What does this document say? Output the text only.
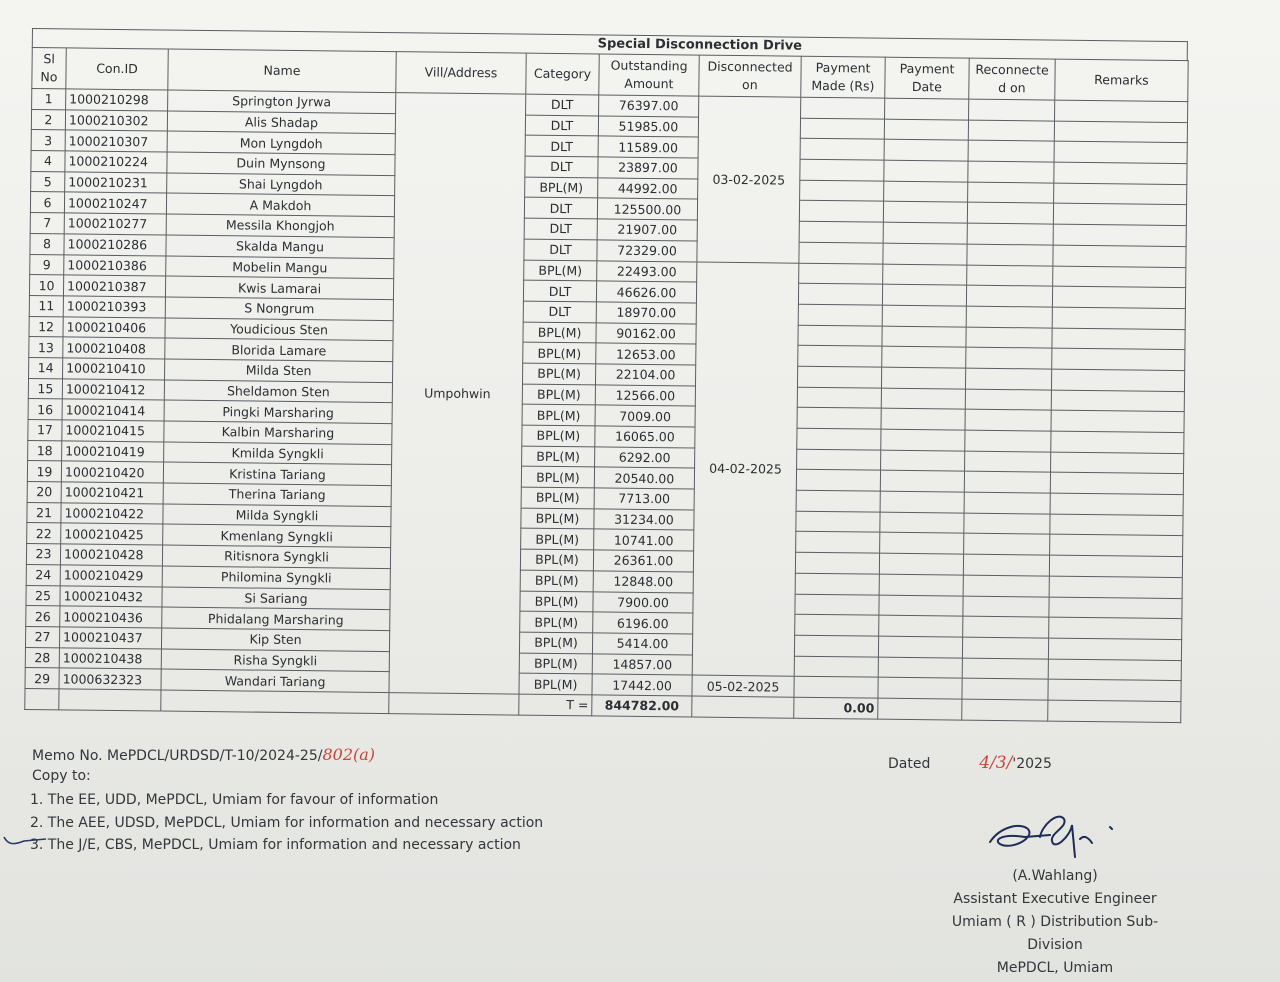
Special Disconnection Drive
Sl No	Con.ID	Name	Vill/Address	Category	Outstanding Amount	Disconnected on	Payment Made (Rs)	Payment Date	Reconnecte d on	Remarks
1	1000210298	Springton Jyrwa	Umpohwin	DLT	76397.00	03-02-2025				
2	1000210302	Alis Shadap		DLT	51985.00					
3	1000210307	Mon Lyngdoh		DLT	11589.00					
4	1000210224	Duin Mynsong		DLT	23897.00					
5	1000210231	Shai Lyngdoh		BPL(M)	44992.00					
6	1000210247	A Makdoh		DLT	125500.00					
7	1000210277	Messila Khongjoh		DLT	21907.00					
8	1000210286	Skalda Mangu		DLT	72329.00					
9	1000210386	Mobelin Mangu		BPL(M)	22493.00	04-02-2025				
10	1000210387	Kwis Lamarai		DLT	46626.00					
11	1000210393	S Nongrum		DLT	18970.00					
12	1000210406	Youdicious Sten		BPL(M)	90162.00					
13	1000210408	Blorida Lamare		BPL(M)	12653.00					
14	1000210410	Milda Sten		BPL(M)	22104.00					
15	1000210412	Sheldamon Sten		BPL(M)	12566.00					
16	1000210414	Pingki Marsharing		BPL(M)	7009.00					
17	1000210415	Kalbin Marsharing		BPL(M)	16065.00					
18	1000210419	Kmilda Syngkli		BPL(M)	6292.00					
19	1000210420	Kristina Tariang		BPL(M)	20540.00					
20	1000210421	Therina Tariang		BPL(M)	7713.00					
21	1000210422	Milda Syngkli		BPL(M)	31234.00					
22	1000210425	Kmenlang Syngkli		BPL(M)	10741.00					
23	1000210428	Ritisnora Syngkli		BPL(M)	26361.00					
24	1000210429	Philomina Syngkli		BPL(M)	12848.00					
25	1000210432	Si Sariang		BPL(M)	7900.00					
26	1000210436	Phidalang Marsharing		BPL(M)	6196.00					
27	1000210437	Kip Sten		BPL(M)	5414.00					
28	1000210438	Risha Syngkli		BPL(M)	14857.00					
29	1000632323	Wandari Tariang		BPL(M)	17442.00	05-02-2025				
				T =	844782.00		0.00			
Memo No. MePDCL/URDSD/T-10/2024-25/802(a)
Copy to:
1. The EE, UDD, MePDCL, Umiam for favour of information
2. The AEE, UDSD, MePDCL, Umiam for information and necessary action
3. The J/E, CBS, MePDCL, Umiam for information and necessary action
Dated	4/3/'2025
(A.Wahlang)
Assistant Executive Engineer
Umiam ( R ) Distribution Sub-Division
MePDCL, Umiam
